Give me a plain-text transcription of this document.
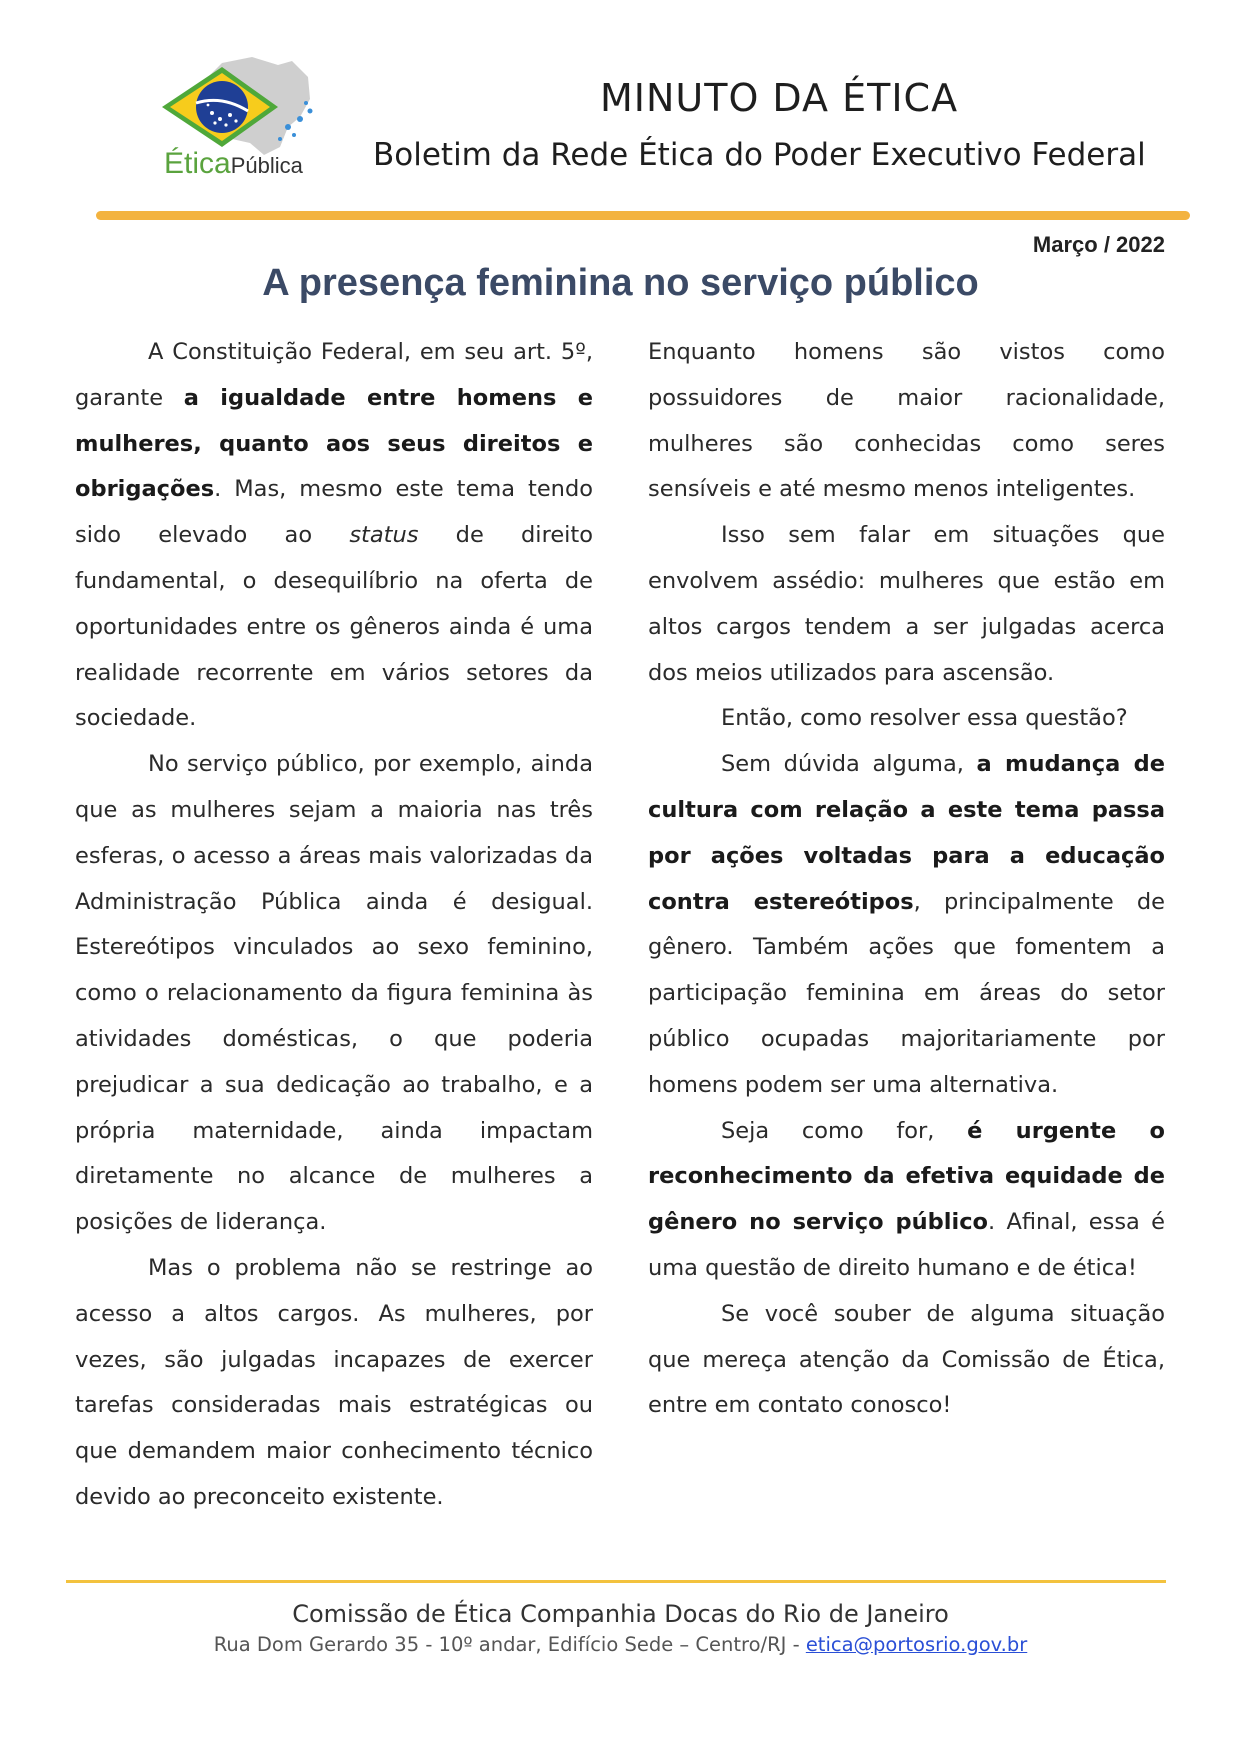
ÉticaPública
MINUTO DA ÉTICA
Boletim da Rede Ética do Poder Executivo Federal
Março / 2022
A presença feminina no serviço público

A Constituição Federal, em seu art. 5º, garante a igualdade entre homens e mulheres, quanto aos seus direitos e obrigações. Mas, mesmo este tema tendo sido elevado ao status de direito fundamental, o desequilíbrio na oferta de oportunidades entre os gêneros ainda é uma realidade recorrente em vários setores da sociedade.

No serviço público, por exemplo, ainda que as mulheres sejam a maioria nas três esferas, o acesso a áreas mais valorizadas da Administração Pública ainda é desigual. Estereótipos vinculados ao sexo feminino, como o relacionamento da figura feminina às atividades domésticas, o que poderia prejudicar a sua dedicação ao trabalho, e a própria maternidade, ainda impactam diretamente no alcance de mulheres a posições de liderança.

Mas o problema não se restringe ao acesso a altos cargos. As mulheres, por vezes, são julgadas incapazes de exercer tarefas consideradas mais estratégicas ou que demandem maior conhecimento técnico devido ao preconceito existente.

Enquanto homens são vistos como possuidores de maior racionalidade, mulheres são conhecidas como seres sensíveis e até mesmo menos inteligentes.

Isso sem falar em situações que envolvem assédio: mulheres que estão em altos cargos tendem a ser julgadas acerca dos meios utilizados para ascensão.

Então, como resolver essa questão?

Sem dúvida alguma, a mudança de cultura com relação a este tema passa por ações voltadas para a educação contra estereótipos, principalmente de gênero. Também ações que fomentem a participação feminina em áreas do setor público ocupadas majoritariamente por homens podem ser uma alternativa.

Seja como for, é urgente o reconhecimento da efetiva equidade de gênero no serviço público. Afinal, essa é uma questão de direito humano e de ética!

Se você souber de alguma situação que mereça atenção da Comissão de Ética, entre em contato conosco!

Comissão de Ética Companhia Docas do Rio de Janeiro
Rua Dom Gerardo 35 - 10º andar, Edifício Sede – Centro/RJ - etica@portosrio.gov.br
